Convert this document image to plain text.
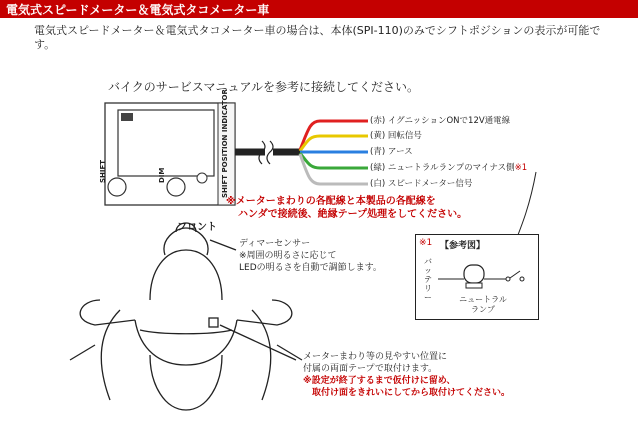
電気式スピードメーター＆電気式タコメーター車
電気式スピードメーター＆電気式タコメーター車の場合は、本体(SPI-110)のみでシフトポジションの表示が可能です。
バイクのサービスマニュアルを参考に接続してください。
SHIFT	DIM	SHIFT POSITION INDICATOR	(赤) イグニッションONで12V通電線
(黄) 回転信号
(青) アース
(緑) ニュートラルランプのマイナス側※1
(白) スピードメーター信号
※メーターまわりの各配線と本製品の各配線を
ハンダで接続後、絶縁テープ処理をしてください。
※1 【参考図】
バッテリー	ニュートラル
ランプ
フロント
ディマーセンサー
※周囲の明るさに応じて
LEDの明るさを自動で調節します。
メーターまわり等の見やすい位置に
付属の両面テープで取付けます。
※設定が終了するまで仮付けに留め、
　取付け面をきれいにしてから取付けてください。
